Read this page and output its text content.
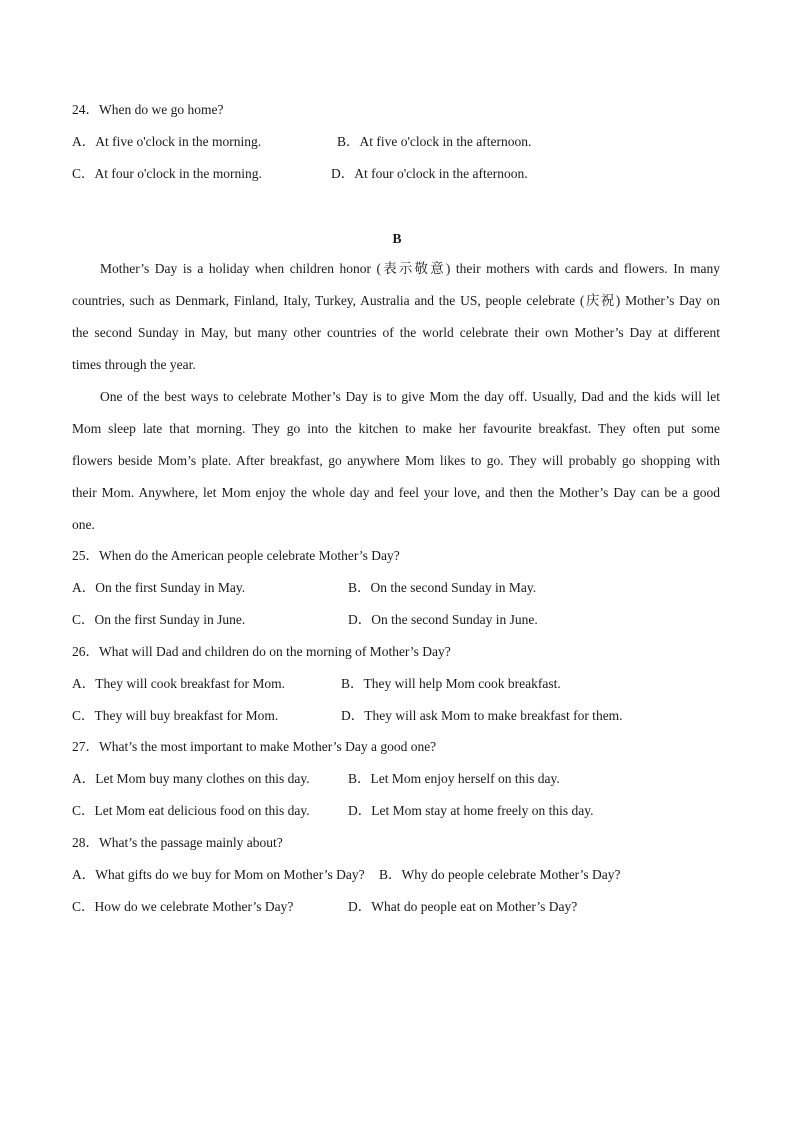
24．When do we go home?
A．At five o'clock in the morning.	B．At five o'clock in the afternoon.
C．At four o'clock in the morning.	D．At four o'clock in the afternoon.
B
Mother’s Day is a holiday when children honor (表示敬意) their mothers with cards and flowers. In many
countries, such as Denmark, Finland, Italy, Turkey, Australia and the US, people celebrate (庆祝) Mother’s Day on
the second Sunday in May, but many other countries of the world celebrate their own Mother’s Day at different
times through the year.
One of the best ways to celebrate Mother’s Day is to give Mom the day off. Usually, Dad and the kids will let
Mom sleep late that morning. They go into the kitchen to make her favourite breakfast. They often put some
flowers beside Mom’s plate. After breakfast, go anywhere Mom likes to go. They will probably go shopping with
their Mom. Anywhere, let Mom enjoy the whole day and feel your love, and then the Mother’s Day can be a good
one.
25．When do the American people celebrate Mother’s Day?
A．On the first Sunday in May.	B．On the second Sunday in May.
C．On the first Sunday in June.	D．On the second Sunday in June.
26．What will Dad and children do on the morning of Mother’s Day?
A．They will cook breakfast for Mom.	B．They will help Mom cook breakfast.
C．They will buy breakfast for Mom.	D．They will ask Mom to make breakfast for them.
27．What’s the most important to make Mother’s Day a good one?
A．Let Mom buy many clothes on this day.	B．Let Mom enjoy herself on this day.
C．Let Mom eat delicious food on this day.	D．Let Mom stay at home freely on this day.
28．What’s the passage mainly about?
A．What gifts do we buy for Mom on Mother’s Day? B．Why do people celebrate Mother’s Day?
C．How do we celebrate Mother’s Day?	D．What do people eat on Mother’s Day?
